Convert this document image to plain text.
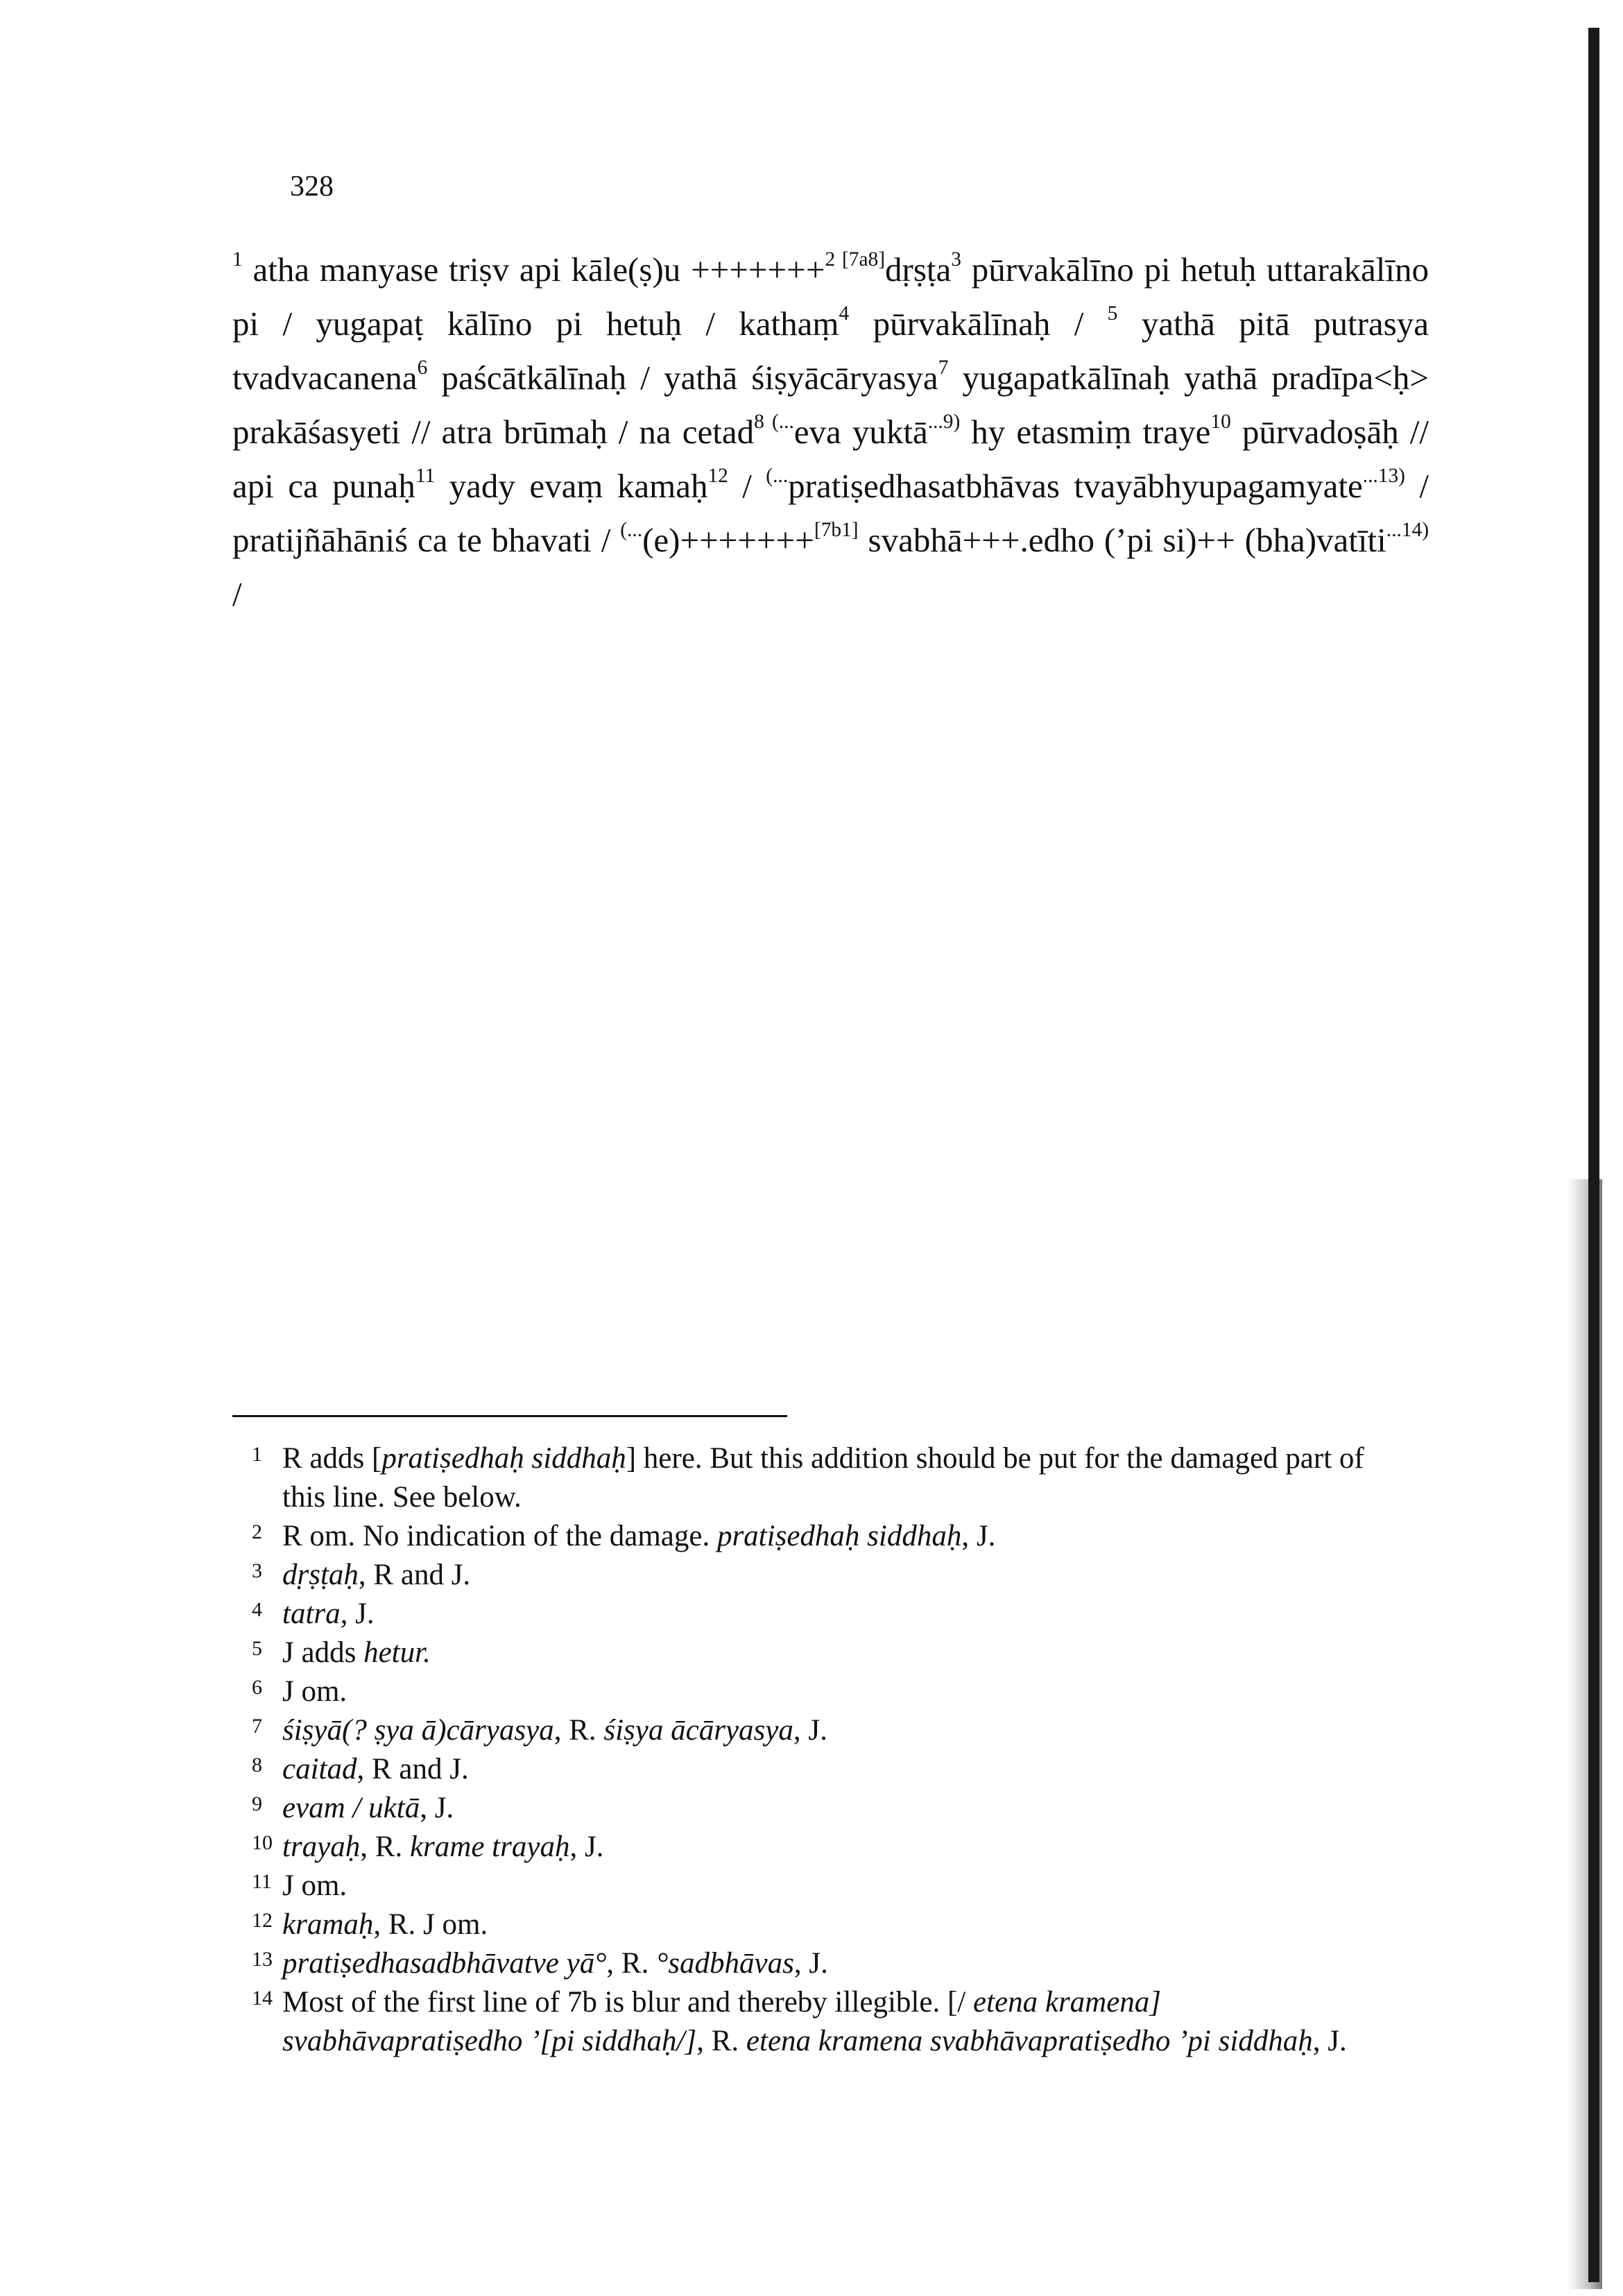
328

$^1$ atha manyase triṣv api kāle(ṣ)u +++++++$^{2 [7a8]}$dṛṣṭa$^3$ pūrvakālīno pi hetuḥ uttarakālīno pi / yugapaṭ kālīno pi hetuḥ / kathaṃ$^4$ pūrvakālīnaḥ / $^5$ yathā pitā putrasya tvadvacanena$^6$ paścātkālīnaḥ / yathā śiṣyācāryasya$^7$ yugapatkālīnaḥ yathā pradīpa<ḥ> prakāśasyeti // atra brūmaḥ / na cetad$^{8 (...}$eva yuktā$^{...9)}$ hy etasmiṃ traye$^{10}$ pūrvadoṣāḥ // api ca punaḥ$^{11}$ yady evaṃ kamaḥ$^{12}$ / (...pratiṣedhasatbhāvas tvayābhyupagamyate$^{...13)}$ / pratijñāhāniś ca te bhavati / (...(e)+++++++[7b1] svabhā+++.edho (’pi si)++ (bha)vatīti$^{...14)}$ /

1 R adds [pratiṣedhaḥ siddhaḥ] here. But this addition should be put for the damaged part of this line. See below.
2 R om. No indication of the damage. pratiṣedhaḥ siddhaḥ, J.
3 dṛṣṭaḥ, R and J.
4 tatra, J.
5 J adds hetur.
6 J om.
7 śiṣyā(? ṣya ā)cāryasya, R. śiṣya ācāryasya, J.
8 caitad, R and J.
9 evam / uktā, J.
10 trayaḥ, R. krame trayaḥ, J.
11 J om.
12 kramaḥ, R. J om.
13 pratiṣedhasadbhāvatve yā°, R. °sadbhāvas, J.
14 Most of the first line of 7b is blur and thereby illegible. [/ etena kramena] svabhāvapratiṣedho ’[pi siddhaḥ/], R. etena kramena svabhāvapratiṣedho ’pi siddhaḥ, J.
